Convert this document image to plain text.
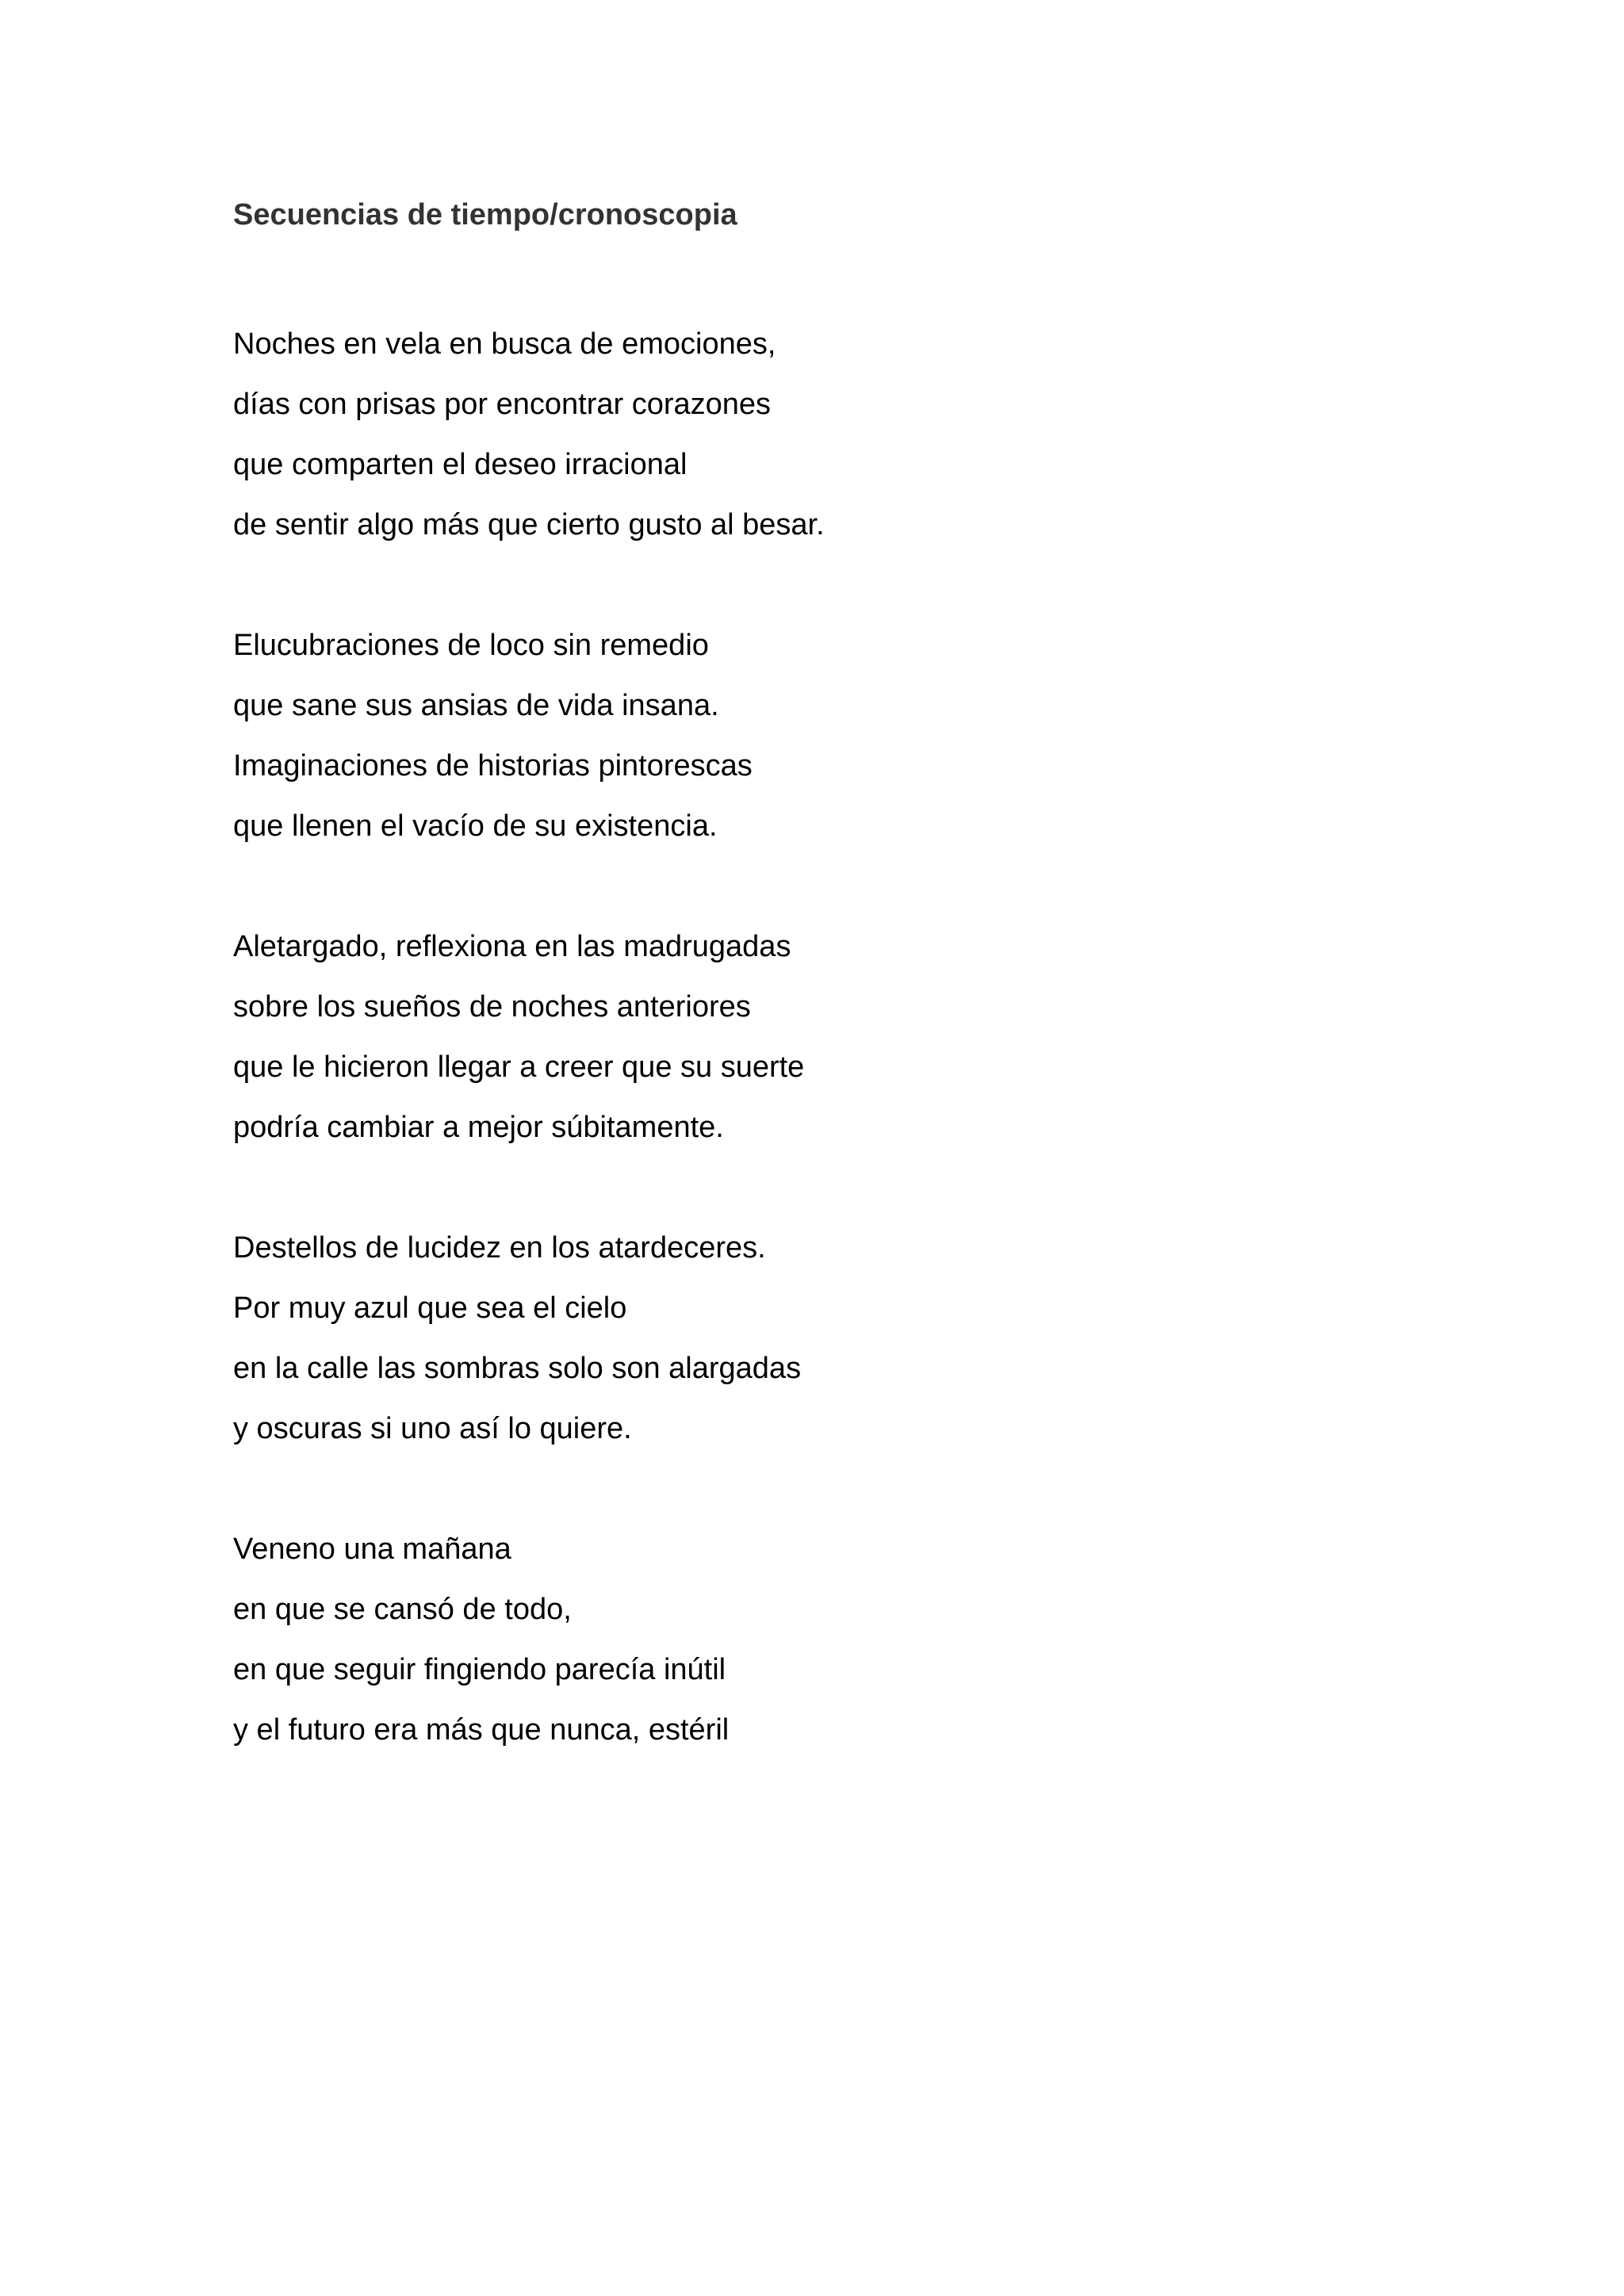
Secuencias de tiempo/cronoscopia
Noches en vela en busca de emociones,
días con prisas por encontrar corazones
que comparten el deseo irracional
de sentir algo más que cierto gusto al besar.
Elucubraciones de loco sin remedio
que sane sus ansias de vida insana.
Imaginaciones de historias pintorescas
que llenen el vacío de su existencia.
Aletargado, reflexiona en las madrugadas
sobre los sueños de noches anteriores
que le hicieron llegar a creer que su suerte
podría cambiar a mejor súbitamente.
Destellos de lucidez en los atardeceres.
Por muy azul que sea el cielo
en la calle las sombras solo son alargadas
y oscuras si uno así lo quiere.
Veneno una mañana
en que se cansó de todo,
en que seguir fingiendo parecía inútil
y el futuro era más que nunca, estéril
